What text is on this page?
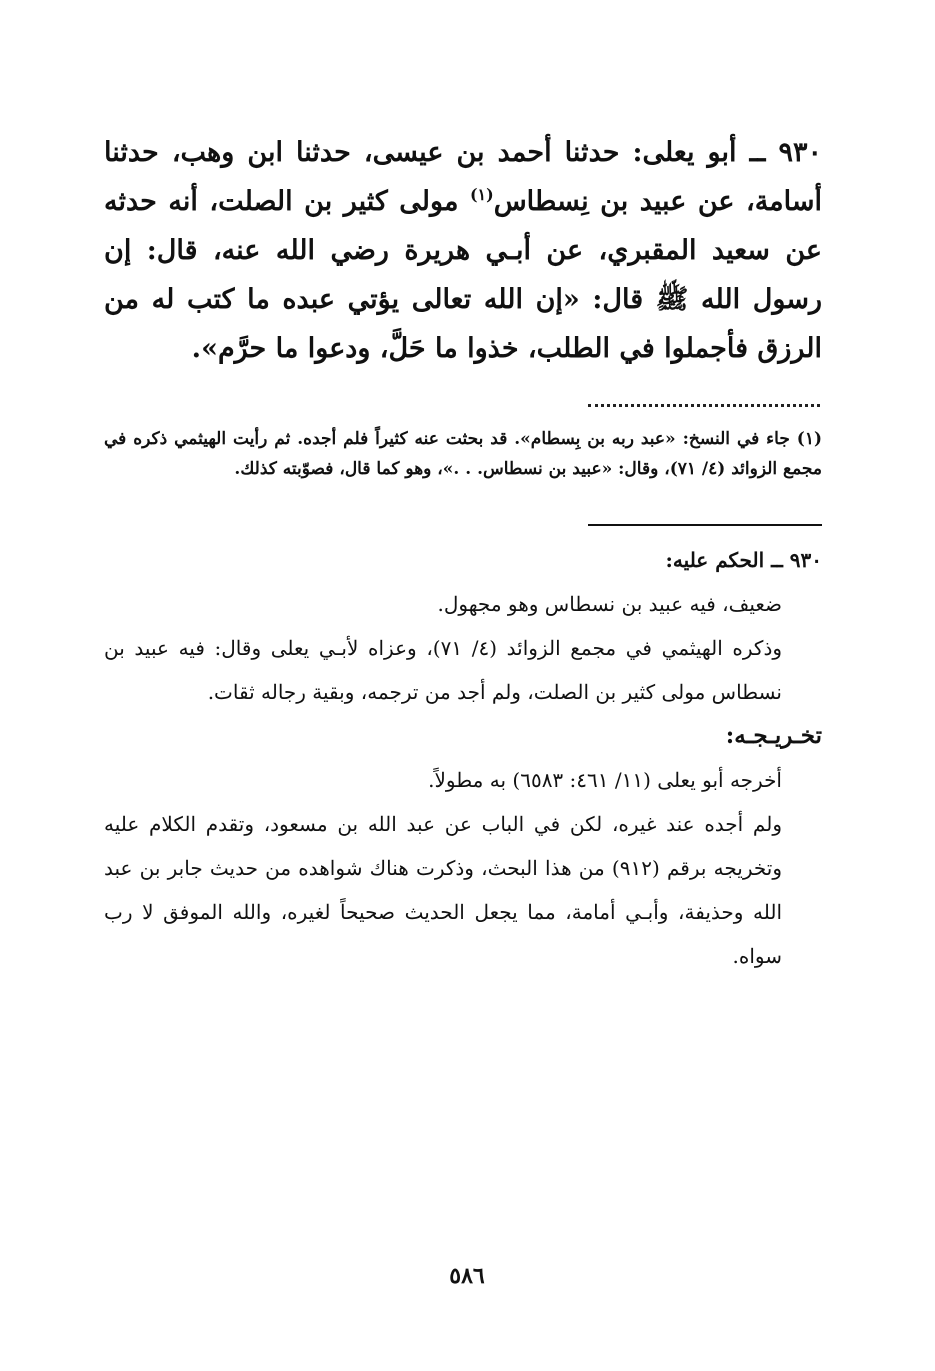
٩٣٠ ــ أبو يعلى: حدثنا أحمد بن عيسى، حدثنا ابن وهب، حدثنا أسامة، عن عبيد بن نِسطاس$^{(١)}$ مولى كثير بن الصلت، أنه حدثه عن سعيد المقبري، عن أبـي هريرة رضي الله عنه، قال: إن رسول الله ﷺ قال: «إن الله تعالى يؤتي عبده ما كتب له من الرزق فأجملوا في الطلب، خذوا ما حَلَّ، ودعوا ما حرَّم».

(١) جاء في النسخ: «عبد ربه بن بِسطام». قد بحثت عنه كثيراً فلم أجده. ثم رأيت الهيثمي ذكره في مجمع الزوائد (٤/ ٧١)، وقال: «عبيد بن نسطاس. . .»، وهو كما قال، فصوّبته كذلك.

٩٣٠ ــ الحكم عليه:

ضعيف، فيه عبيد بن نسطاس وهو مجهول.

وذكره الهيثمي في مجمع الزوائد (٤/ ٧١)، وعزاه لأبـي يعلى وقال: فيه عبيد بن نسطاس مولى كثير بن الصلت، ولم أجد من ترجمه، وبقية رجاله ثقات.

تخـريـجـه:

أخرجه أبو يعلى (١١/ ٤٦١: ٦٥٨٣) به مطولاً.

ولم أجده عند غيره، لكن في الباب عن عبد الله بن مسعود، وتقدم الكلام عليه وتخريجه برقم (٩١٢) من هذا البحث، وذكرت هناك شواهده من حديث جابر بن عبد الله وحذيفة، وأبـي أمامة، مما يجعل الحديث صحيحاً لغيره، والله الموفق لا رب سواه.

٥٨٦
